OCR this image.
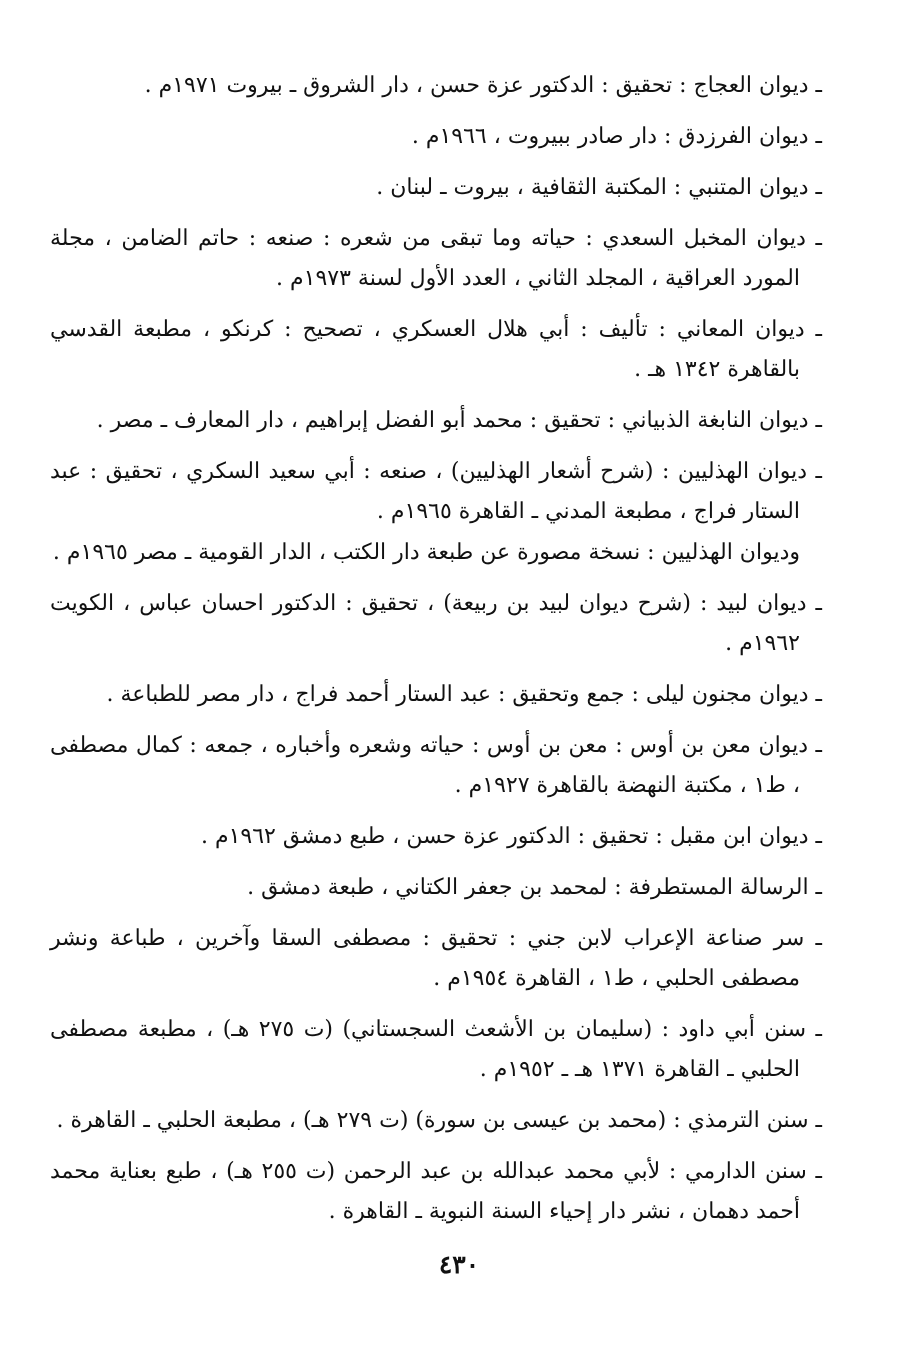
ـ ديوان العجاج : تحقيق : الدكتور عزة حسن ، دار الشروق ـ بيروت ١٩٧١م .

ـ ديوان الفرزدق : دار صادر ببيروت ، ١٩٦٦م .

ـ ديوان المتنبي : المكتبة الثقافية ، بيروت ـ لبنان .

ـ ديوان المخبل السعدي : حياته وما تبقى من شعره : صنعه : حاتم الضامن ، مجلة المورد العراقية ، المجلد الثاني ، العدد الأول لسنة ١٩٧٣م .

ـ ديوان المعاني : تأليف : أبي هلال العسكري ، تصحيح : كرنكو ، مطبعة القدسي بالقاهرة ١٣٤٢ هـ .

ـ ديوان النابغة الذبياني : تحقيق : محمد أبو الفضل إبراهيم ، دار المعارف ـ مصر .

ـ ديوان الهذليين : (شرح أشعار الهذليين) ، صنعه : أبي سعيد السكري ، تحقيق : عبد الستار فراج ، مطبعة المدني ـ القاهرة ١٩٦٥م .

وديوان الهذليين : نسخة مصورة عن طبعة دار الكتب ، الدار القومية ـ مصر ١٩٦٥م .

ـ ديوان لبيد : (شرح ديوان لبيد بن ربيعة) ، تحقيق : الدكتور احسان عباس ، الكويت ١٩٦٢م .

ـ ديوان مجنون ليلى : جمع وتحقيق : عبد الستار أحمد فراج ، دار مصر للطباعة .

ـ ديوان معن بن أوس : معن بن أوس : حياته وشعره وأخباره ، جمعه : كمال مصطفى ، ط١ ، مكتبة النهضة بالقاهرة ١٩٢٧م .

ـ ديوان ابن مقبل : تحقيق : الدكتور عزة حسن ، طبع دمشق ١٩٦٢م .

ـ الرسالة المستطرفة : لمحمد بن جعفر الكتاني ، طبعة دمشق .

ـ سر صناعة الإعراب لابن جني : تحقيق : مصطفى السقا وآخرين ، طباعة ونشر مصطفى الحلبي ، ط١ ، القاهرة ١٩٥٤م .

ـ سنن أبي داود : (سليمان بن الأشعث السجستاني) (ت ٢٧٥ هـ) ، مطبعة مصطفى الحلبي ـ القاهرة ١٣٧١ هـ ـ ١٩٥٢م .

ـ سنن الترمذي : (محمد بن عيسى بن سورة) (ت ٢٧٩ هـ) ، مطبعة الحلبي ـ القاهرة .

ـ سنن الدارمي : لأبي محمد عبدالله بن عبد الرحمن (ت ٢٥٥ هـ) ، طبع بعناية محمد أحمد دهمان ، نشر دار إحياء السنة النبوية ـ القاهرة .

٤٣٠
